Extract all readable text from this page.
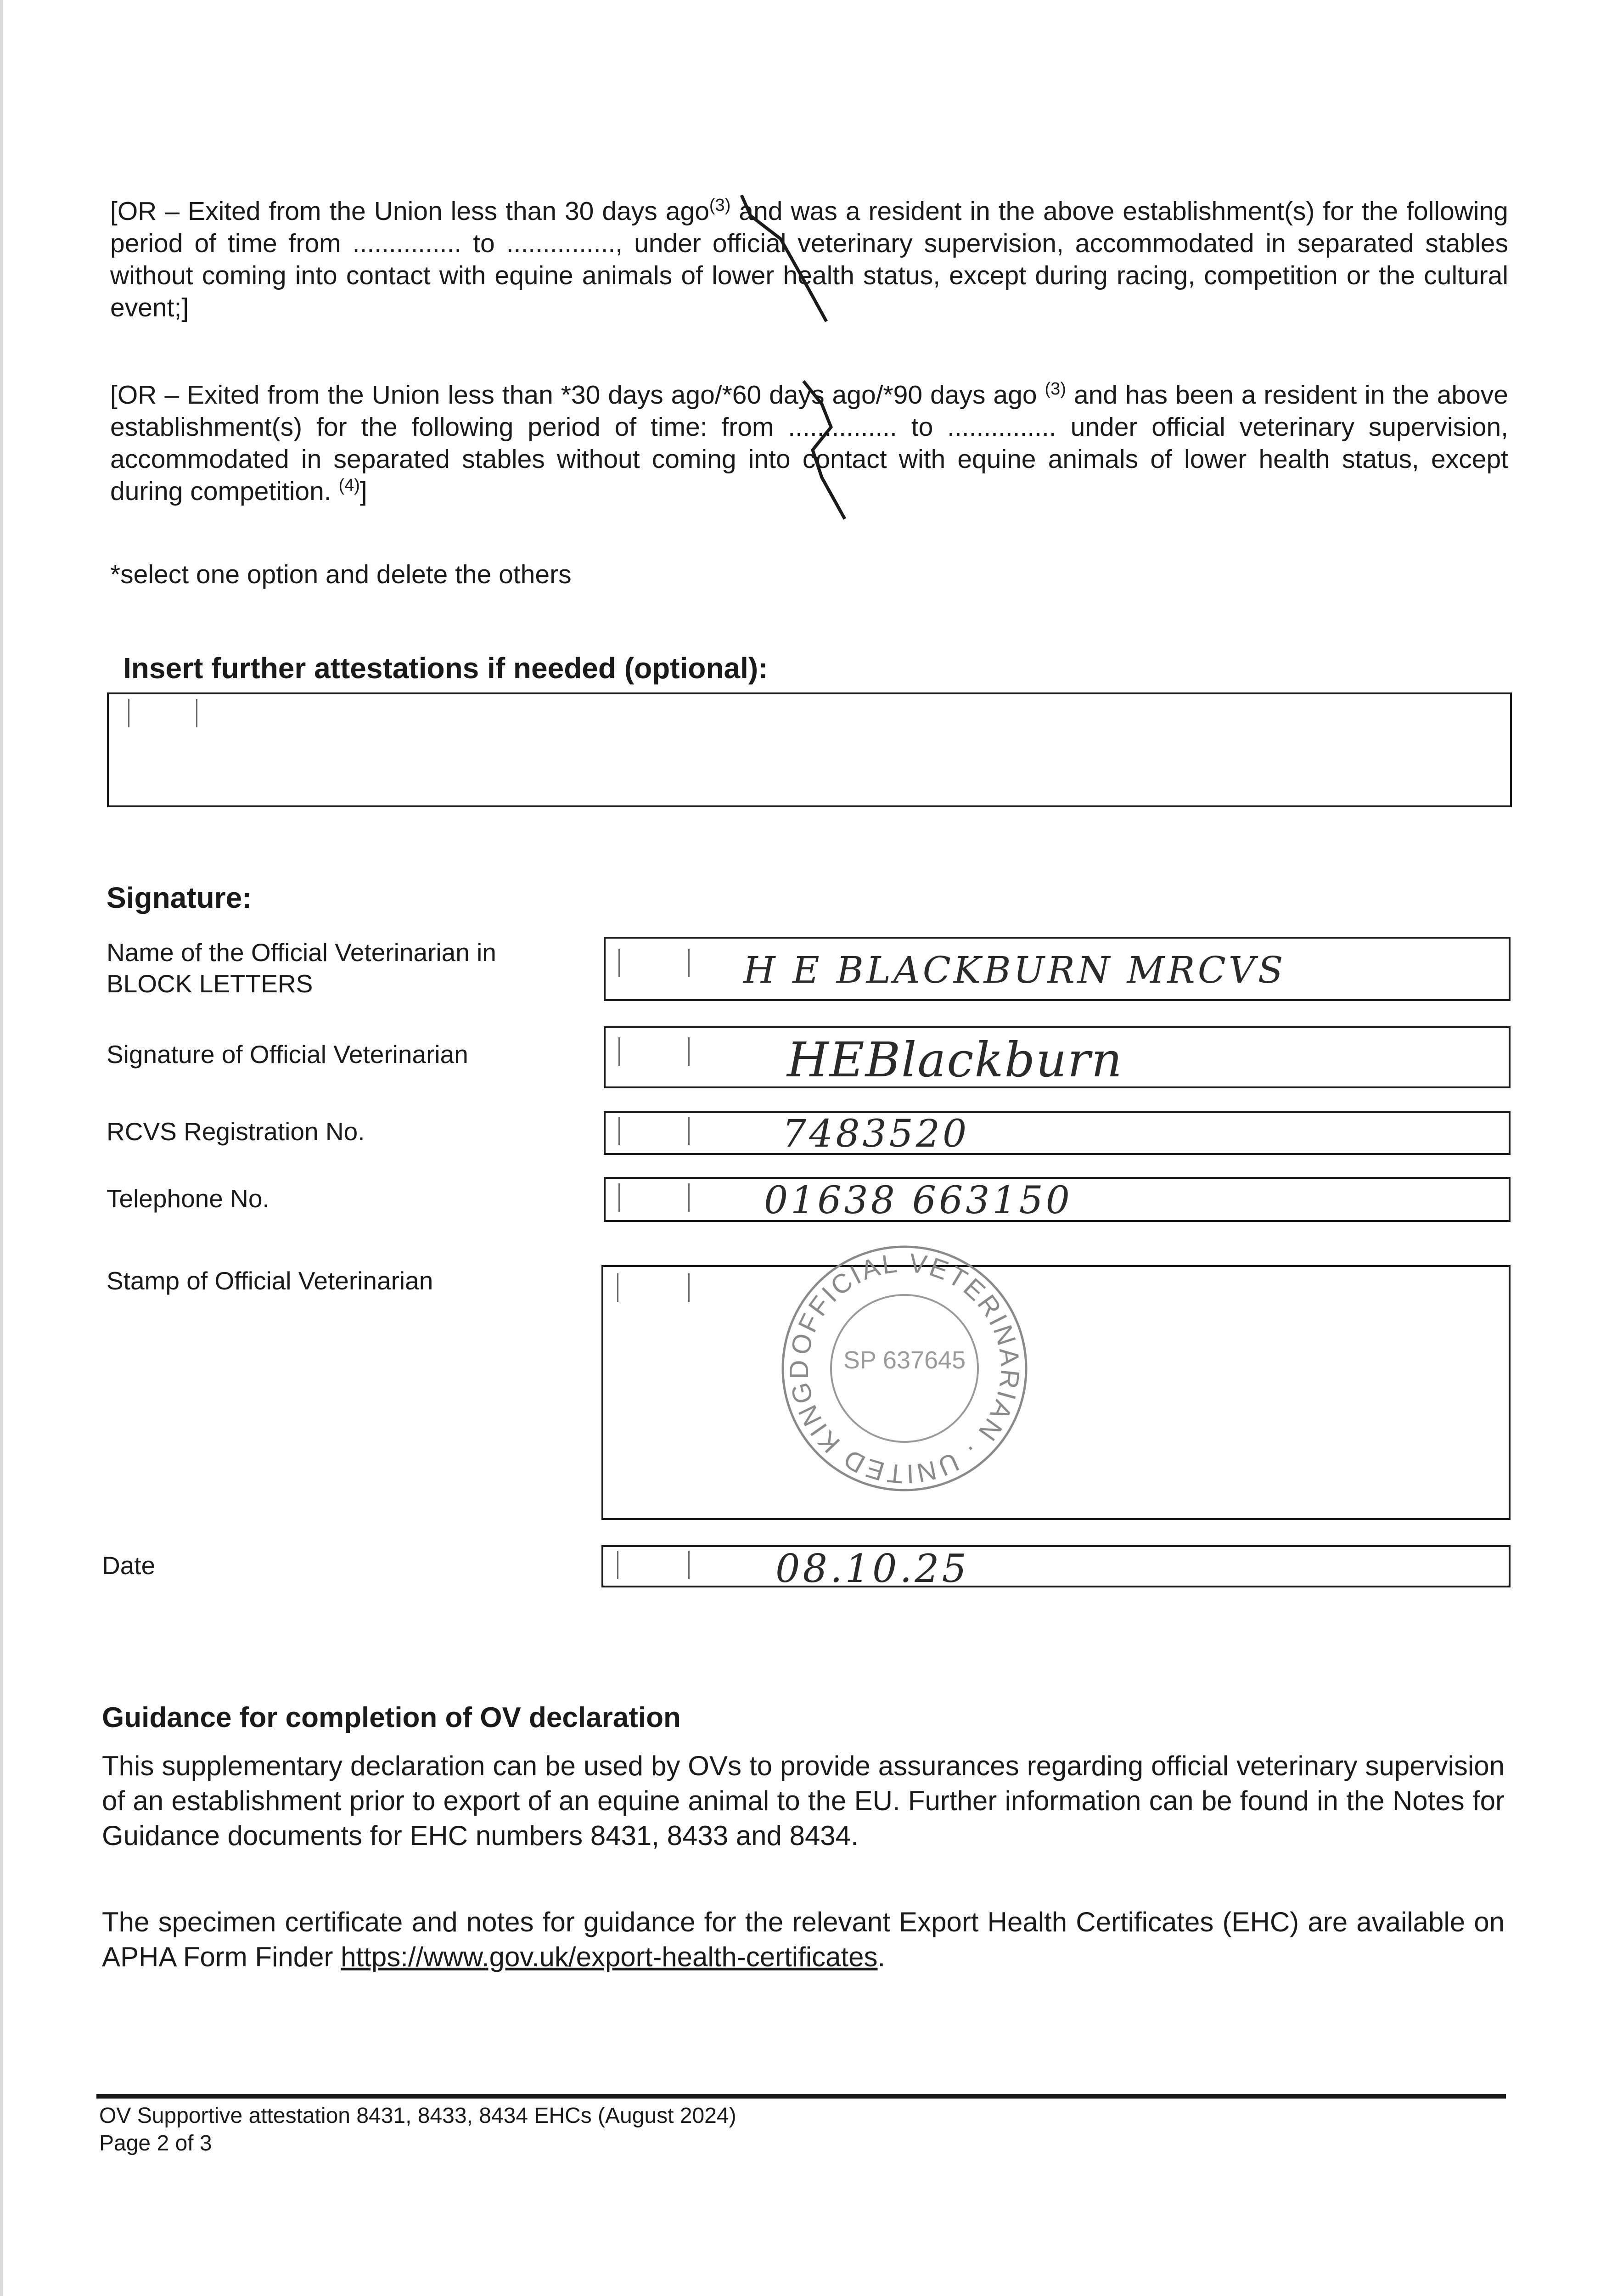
[OR – Exited from the Union less than 30 days ago$^{(3)}$ and was a resident in the above establishment(s) for the following period of time from ............... to ..............., under official veterinary supervision, accommodated in separated stables without coming into contact with equine animals of lower health status, except during racing, competition or the cultural event;]

[OR – Exited from the Union less than *30 days ago/*60 days ago/*90 days ago $^{(3)}$ and has been a resident in the above establishment(s) for the following period of time: from ............... to ............... under official veterinary supervision, accommodated in separated stables without coming into contact with equine animals of lower health status, except during competition. $^{(4)}$]

*select one option and delete the others

Insert further attestations if needed (optional):

Signature:

Name of the Official Veterinarian in BLOCK LETTERS	H E BLACKBURN MRCVS

Signature of Official Veterinarian	HEBlackburn

RCVS Registration No.	7483520

Telephone No.	01638 663150

Stamp of Official Veterinarian

OFFICIAL VETERINARIAN · UNITED KINGDOM
SP 637645

Date	08.10.25

Guidance for completion of OV declaration

This supplementary declaration can be used by OVs to provide assurances regarding official veterinary supervision of an establishment prior to export of an equine animal to the EU. Further information can be found in the Notes for Guidance documents for EHC numbers 8431, 8433 and 8434.

The specimen certificate and notes for guidance for the relevant Export Health Certificates (EHC) are available on APHA Form Finder https://www.gov.uk/export-health-certificates.

OV Supportive attestation 8431, 8433, 8434 EHCs (August 2024)

Page 2 of 3
